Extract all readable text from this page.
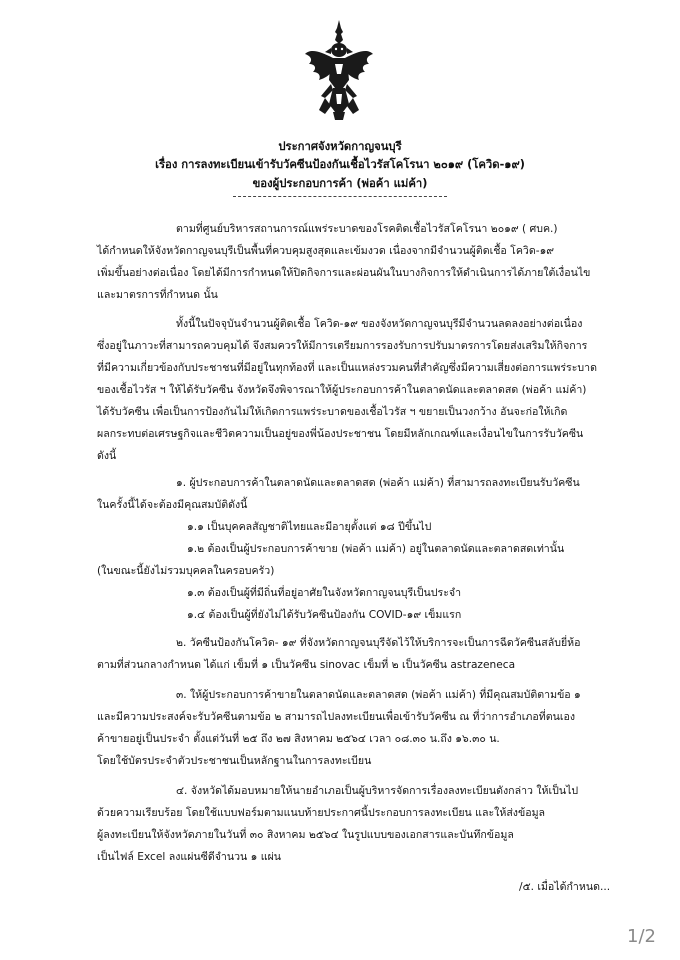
ประกาศจังหวัดกาญจนบุรี
เรื่อง การลงทะเบียนเข้ารับวัคซีนป้องกันเชื้อไวรัสโคโรนา ๒๐๑๙ (โควิด-๑๙)
ของผู้ประกอบการค้า (พ่อค้า แม่ค้า)
ตามที่ศูนย์บริหารสถานการณ์แพร่ระบาดของโรคติดเชื้อไวรัสโคโรนา ๒๐๑๙ ( ศบค.)
ได้กำหนดให้จังหวัดกาญจนบุรีเป็นพื้นที่ควบคุมสูงสุดและเข้มงวด เนื่องจากมีจำนวนผู้ติดเชื้อ โควิด-๑๙
เพิ่มขึ้นอย่างต่อเนื่อง โดยได้มีการกำหนดให้ปิดกิจการและผ่อนผันในบางกิจการให้ดำเนินการได้ภายใต้เงื่อนไข
และมาตรการที่กำหนด นั้น
ทั้งนี้ในปัจจุบันจำนวนผู้ติดเชื้อ โควิด-๑๙ ของจังหวัดกาญจนบุรีมีจำนวนลดลงอย่างต่อเนื่อง
ซึ่งอยู่ในภาวะที่สามารถควบคุมได้ จึงสมควรให้มีการเตรียมการรองรับการปรับมาตรการโดยส่งเสริมให้กิจการ
ที่มีความเกี่ยวข้องกับประชาชนที่มีอยู่ในทุกท้องที่ และเป็นแหล่งรวมคนที่สำคัญซึ่งมีความเสี่ยงต่อการแพร่ระบาด
ของเชื้อไวรัส ฯ ให้ได้รับวัคซีน จังหวัดจึงพิจารณาให้ผู้ประกอบการค้าในตลาดนัดและตลาดสด (พ่อค้า แม่ค้า)
ได้รับวัคซีน เพื่อเป็นการป้องกันไม่ให้เกิดการแพร่ระบาดของเชื้อไวรัส ฯ ขยายเป็นวงกว้าง อันจะก่อให้เกิด
ผลกระทบต่อเศรษฐกิจและชีวิตความเป็นอยู่ของพี่น้องประชาชน โดยมีหลักเกณฑ์และเงื่อนไขในการรับวัคซีน
ดังนี้
๑. ผู้ประกอบการค้าในตลาดนัดและตลาดสด (พ่อค้า แม่ค้า) ที่สามารถลงทะเบียนรับวัคซีน
ในครั้งนี้ได้จะต้องมีคุณสมบัติดังนี้
๑.๑ เป็นบุคคลสัญชาติไทยและมีอายุตั้งแต่ ๑๘ ปีขึ้นไป
๑.๒ ต้องเป็นผู้ประกอบการค้าขาย (พ่อค้า แม่ค้า) อยู่ในตลาดนัดและตลาดสดเท่านั้น
(ในขณะนี้ยังไม่รวมบุคคลในครอบครัว)
๑.๓ ต้องเป็นผู้ที่มีถิ่นที่อยู่อาศัยในจังหวัดกาญจนบุรีเป็นประจำ
๑.๔ ต้องเป็นผู้ที่ยังไม่ได้รับวัคซีนป้องกัน COVID-๑๙ เข็มแรก
๒. วัคซีนป้องกันโควิด- ๑๙ ที่จังหวัดกาญจนบุรีจัดไว้ให้บริการจะเป็นการฉีดวัคซีนสลับยี่ห้อ
ตามที่ส่วนกลางกำหนด ได้แก่ เข็มที่ ๑ เป็นวัคซีน sinovac เข็มที่ ๒ เป็นวัคซีน astrazeneca
๓. ให้ผู้ประกอบการค้าขายในตลาดนัดและตลาดสด (พ่อค้า แม่ค้า) ที่มีคุณสมบัติตามข้อ ๑
และมีความประสงค์จะรับวัคซีนตามข้อ ๒ สามารถไปลงทะเบียนเพื่อเข้ารับวัคซีน ณ ที่ว่าการอำเภอที่ตนเอง
ค้าขายอยู่เป็นประจำ ตั้งแต่วันที่ ๒๕ ถึง ๒๗ สิงหาคม ๒๕๖๔ เวลา ๐๘.๓๐ น.ถึง ๑๖.๓๐ น.
โดยใช้บัตรประจำตัวประชาชนเป็นหลักฐานในการลงทะเบียน
๔. จังหวัดได้มอบหมายให้นายอำเภอเป็นผู้บริหารจัดการเรื่องลงทะเบียนดังกล่าว ให้เป็นไป
ด้วยความเรียบร้อย โดยใช้แบบฟอร์มตามแนบท้ายประกาศนี้ประกอบการลงทะเบียน และให้ส่งข้อมูล
ผู้ลงทะเบียนให้จังหวัดภายในวันที่ ๓๐ สิงหาคม ๒๕๖๔ ในรูปแบบของเอกสารและบันทึกข้อมูล
เป็นไฟล์ Excel ลงแผ่นซีดีจำนวน ๑ แผ่น
/๕. เมื่อได้กำหนด...
1/2
